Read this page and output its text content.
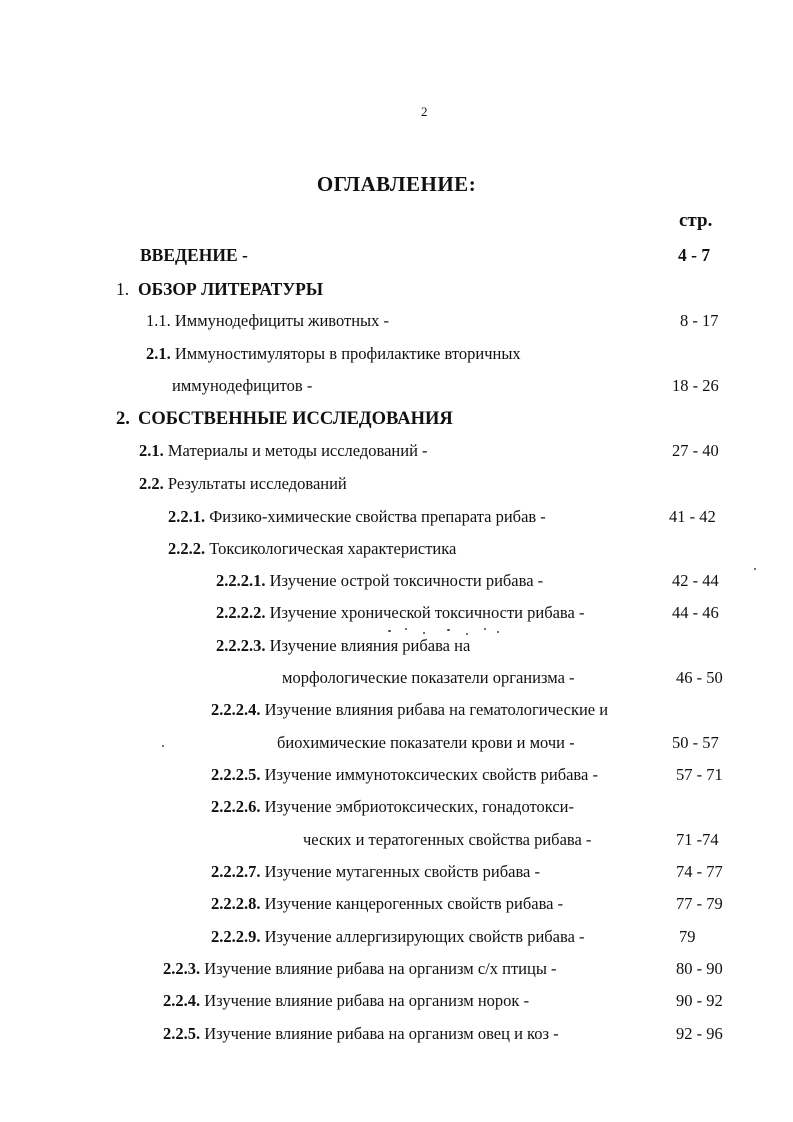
2
ОГЛАВЛЕНИЕ:
стр.
ВВЕДЕНИЕ -	4 - 7
1. ОБЗОР ЛИТЕРАТУРЫ
1.1. Иммунодефициты животных -	8 - 17
2.1. Иммуностимуляторы в профилактике вторичных
иммунодефицитов -	18 - 26
2. СОБСТВЕННЫЕ ИССЛЕДОВАНИЯ
2.1. Материалы и методы исследований -	27 - 40
2.2. Результаты исследований
2.2.1. Физико-химические свойства препарата рибав -	41 - 42
2.2.2. Токсикологическая характеристика
2.2.2.1. Изучение острой токсичности рибава -	42 - 44
2.2.2.2. Изучение хронической токсичности рибава -	44 - 46
2.2.2.3. Изучение влияния рибава на
морфологические показатели организма -	46 - 50
2.2.2.4. Изучение влияния рибава на гематологические и
биохимические показатели крови и мочи -	50 - 57
2.2.2.5. Изучение иммунотоксических свойств рибава -	57 - 71
2.2.2.6. Изучение эмбриотоксических, гонадотокси-
ческих и тератогенных свойства рибава -	71 -74
2.2.2.7. Изучение мутагенных свойств рибава -	74 - 77
2.2.2.8. Изучение канцерогенных свойств рибава -	77 - 79
2.2.2.9. Изучение аллергизирующих свойств рибава -	79
2.2.3. Изучение влияние рибава на организм с/х птицы -	80 - 90
2.2.4. Изучение влияние рибава на организм норок -	90 - 92
2.2.5. Изучение влияние рибава на организм овец и коз -	92 - 96
